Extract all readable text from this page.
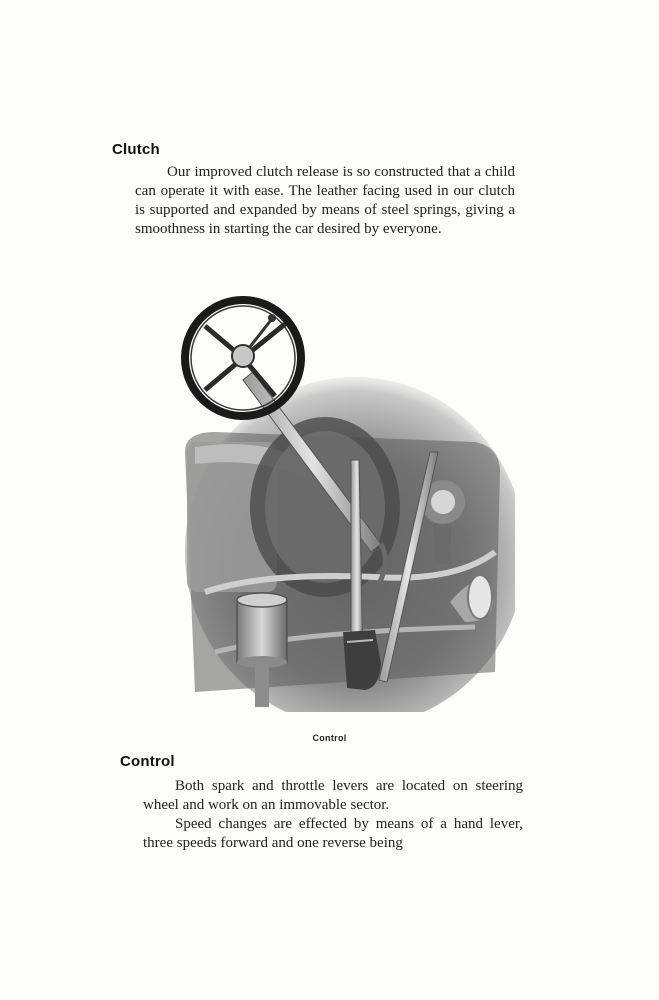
Clutch

Our improved clutch release is so constructed that a child can operate it with ease. The leather facing used in our clutch is supported and expanded by means of steel springs, giving a smoothness in starting the car desired by everyone.

Control
Control

Both spark and throttle levers are located on steering wheel and work on an immovable sector.

Speed changes are effected by means of a hand lever, three speeds forward and one reverse being
